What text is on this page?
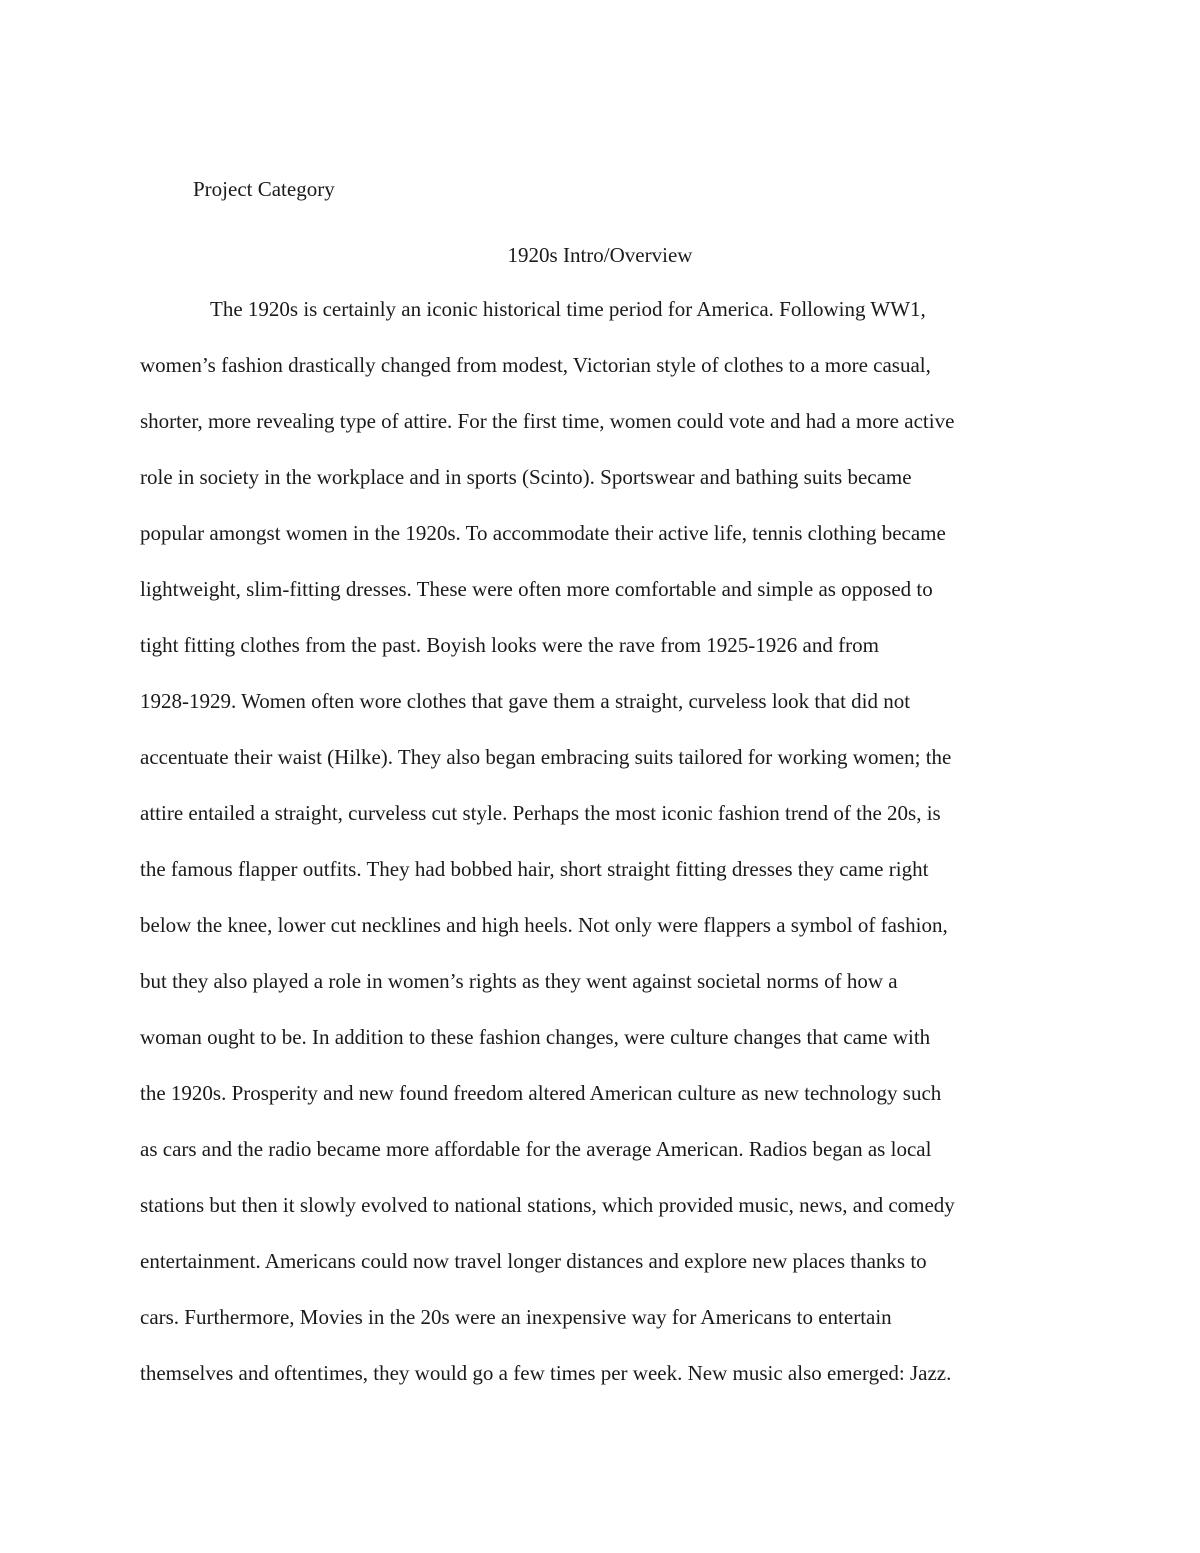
Project Category
1920s Intro/Overview
The 1920s is certainly an iconic historical time period for America. Following WW1,
women’s fashion drastically changed from modest, Victorian style of clothes to a more casual,
shorter, more revealing type of attire. For the first time, women could vote and had a more active
role in society in the workplace and in sports (Scinto). Sportswear and bathing suits became
popular amongst women in the 1920s. To accommodate their active life, tennis clothing became
lightweight, slim-fitting dresses. These were often more comfortable and simple as opposed to
tight fitting clothes from the past. Boyish looks were the rave from 1925-1926 and from
1928-1929. Women often wore clothes that gave them a straight, curveless look that did not
accentuate their waist (Hilke). They also began embracing suits tailored for working women; the
attire entailed a straight, curveless cut style. Perhaps the most iconic fashion trend of the 20s, is
the famous flapper outfits. They had bobbed hair, short straight fitting dresses they came right
below the knee, lower cut necklines and high heels. Not only were flappers a symbol of fashion,
but they also played a role in women’s rights as they went against societal norms of how a
woman ought to be. In addition to these fashion changes, were culture changes that came with
the 1920s. Prosperity and new found freedom altered American culture as new technology such
as cars and the radio became more affordable for the average American. Radios began as local
stations but then it slowly evolved to national stations, which provided music, news, and comedy
entertainment. Americans could now travel longer distances and explore new places thanks to
cars. Furthermore, Movies in the 20s were an inexpensive way for Americans to entertain
themselves and oftentimes, they would go a few times per week. New music also emerged: Jazz.
